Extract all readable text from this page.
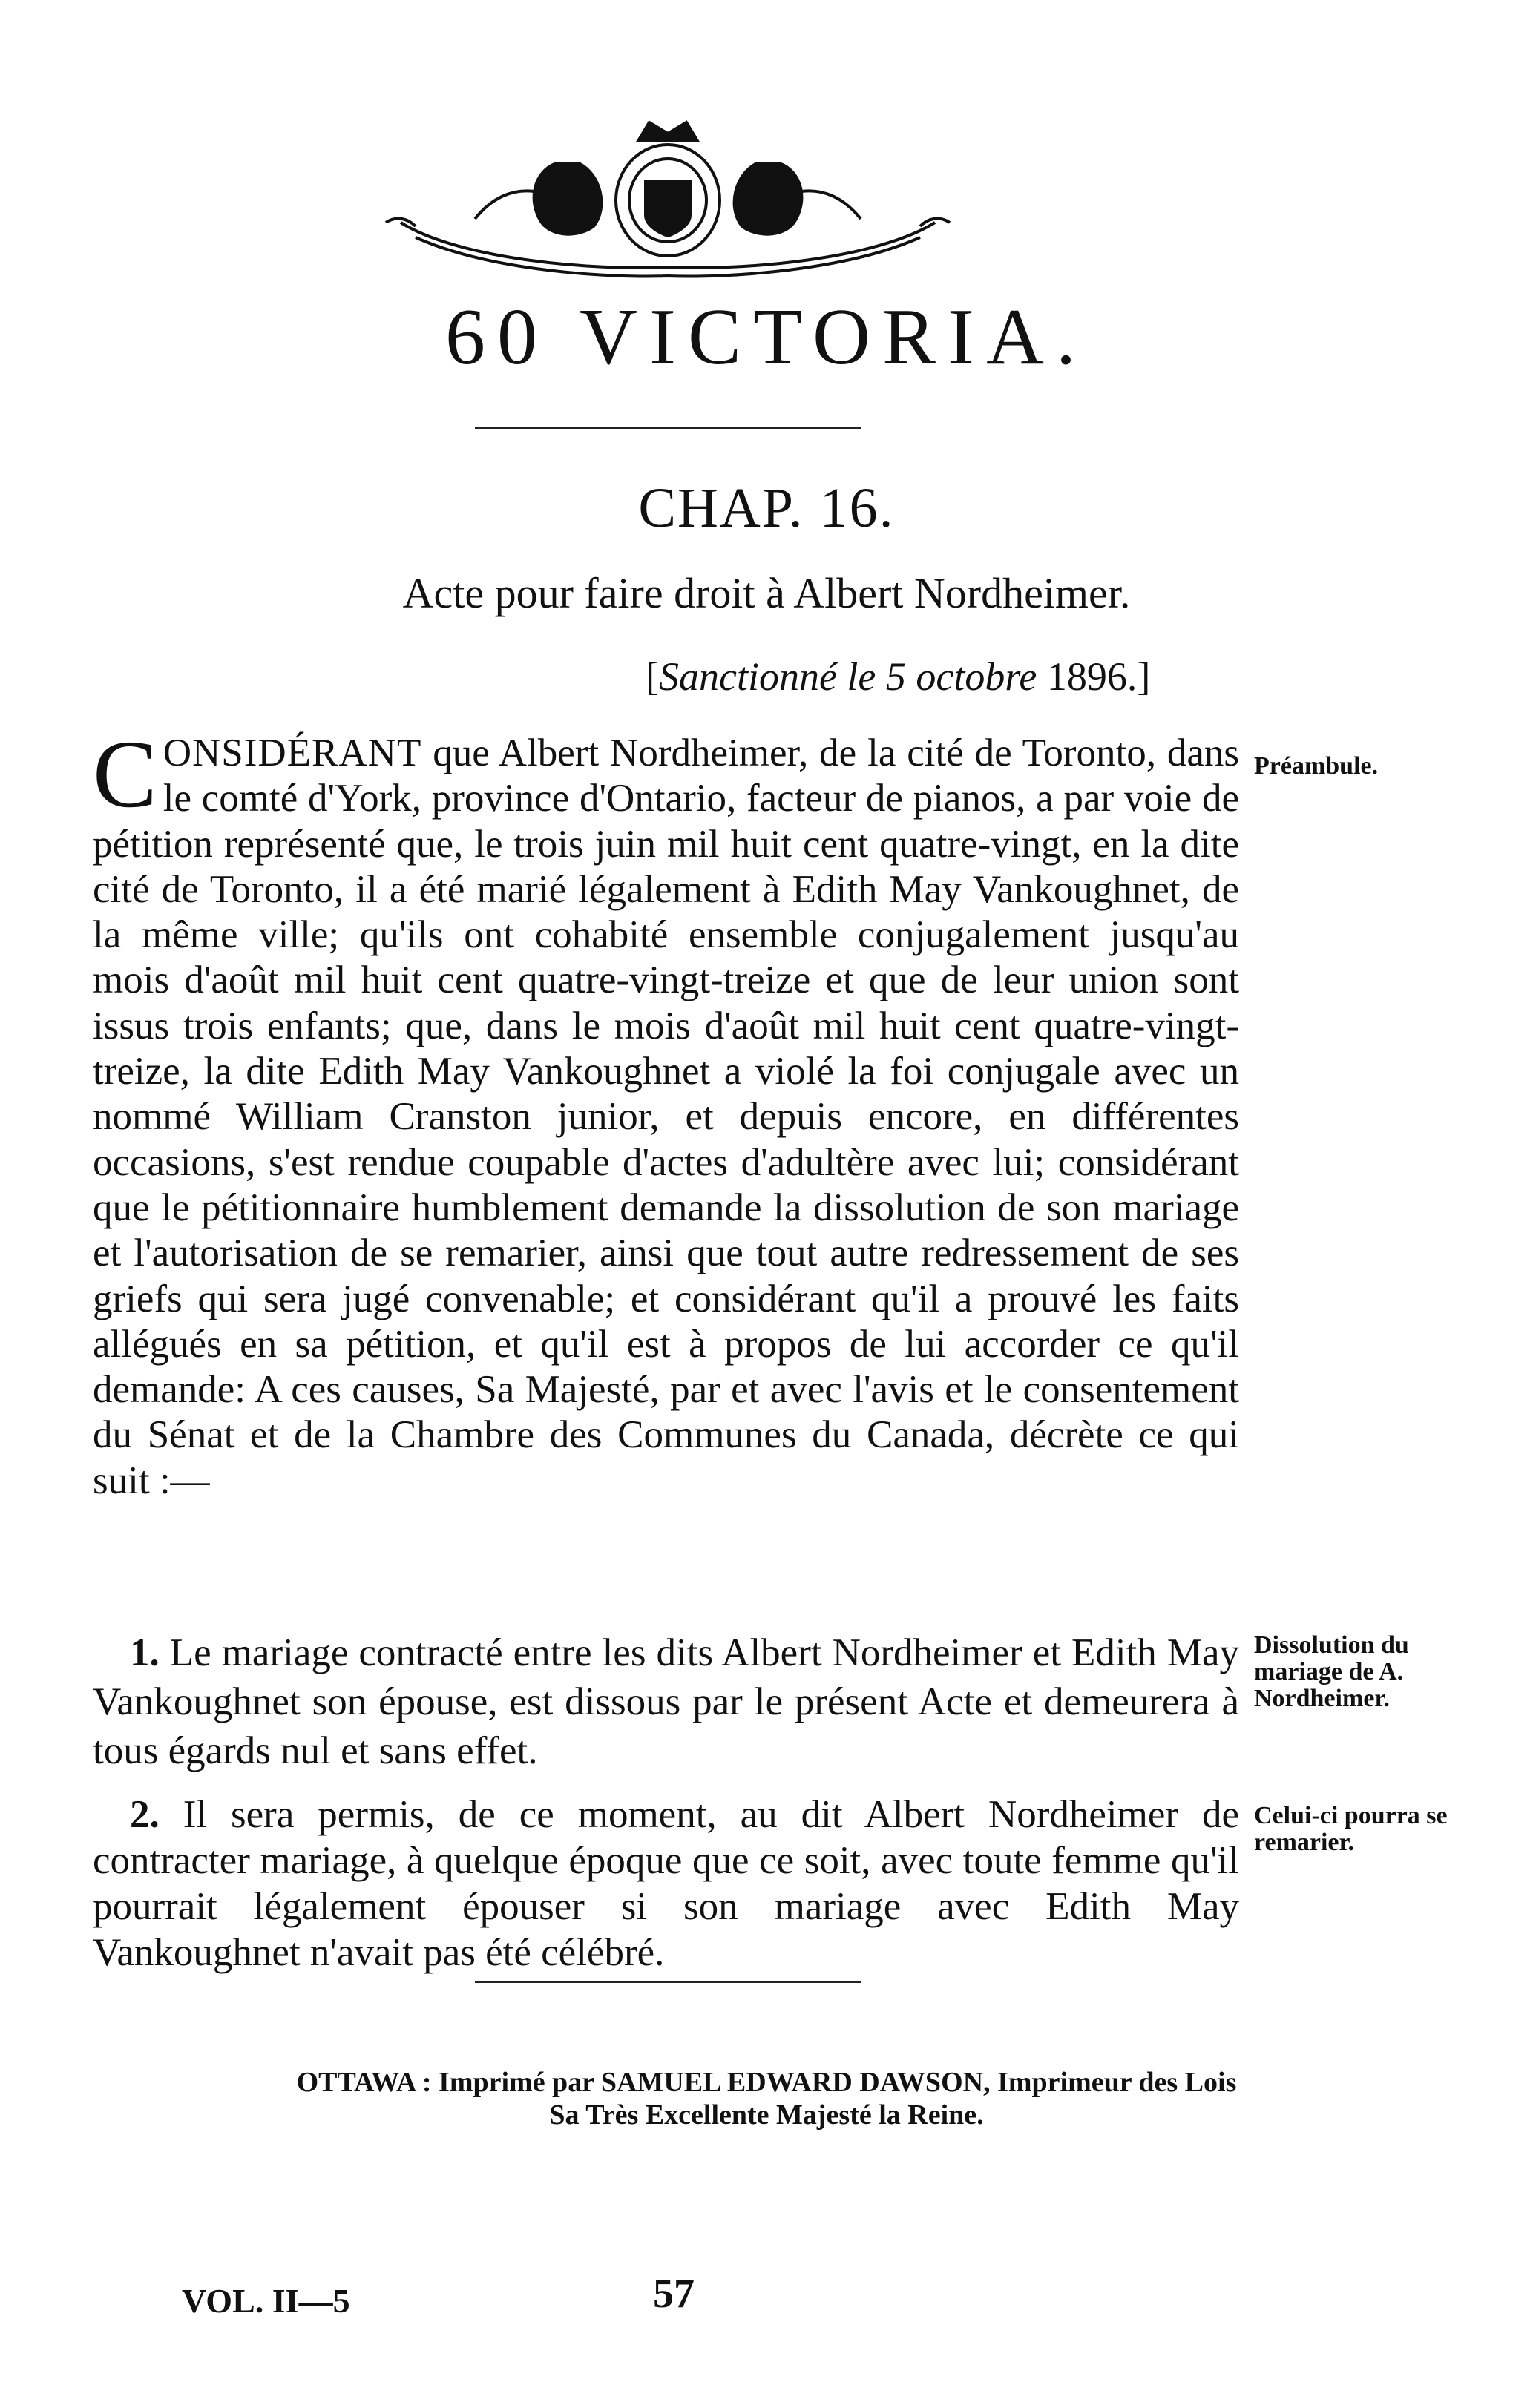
60 VICTORIA.
CHAP. 16.
Acte pour faire droit à Albert Nordheimer.
[Sanctionné le 5 octobre 1896.]
CONSIDÉRANT que Albert Nordheimer, de la cité de Toronto, dans le comté d'York, province d'Ontario, facteur de pianos, a par voie de pétition représenté que, le trois juin mil huit cent quatre-vingt, en la dite cité de Toronto, il a été marié légalement à Edith May Vankoughnet, de la même ville; qu'ils ont cohabité ensemble conjugalement jusqu'au mois d'août mil huit cent quatre-vingt-treize et que de leur union sont issus trois enfants; que, dans le mois d'août mil huit cent quatre-vingt-treize, la dite Edith May Vankoughnet a violé la foi conjugale avec un nommé William Cranston junior, et depuis encore, en différentes occasions, s'est rendue coupable d'actes d'adultère avec lui; considérant que le pétitionnaire humblement demande la dissolution de son mariage et l'autorisation de se remarier, ainsi que tout autre redressement de ses griefs qui sera jugé convenable; et considérant qu'il a prouvé les faits allégués en sa pétition, et qu'il est à propos de lui accorder ce qu'il demande: A ces causes, Sa Majesté, par et avec l'avis et le consentement du Sénat et de la Chambre des Communes du Canada, décrète ce qui suit :—
Préambule.
1. Le mariage contracté entre les dits Albert Nordheimer et Edith May Vankoughnet son épouse, est dissous par le présent Acte et demeurera à tous égards nul et sans effet.
Dissolution du mariage de A. Nordheimer.
2. Il sera permis, de ce moment, au dit Albert Nordheimer de contracter mariage, à quelque époque que ce soit, avec toute femme qu'il pourrait légalement épouser si son mariage avec Edith May Vankoughnet n'avait pas été célébré.
Celui-ci pourra se remarier.
OTTAWA : Imprimé par SAMUEL EDWARD DAWSON, Imprimeur des Lois
Sa Très Excellente Majesté la Reine.
VOL. II—5	57
